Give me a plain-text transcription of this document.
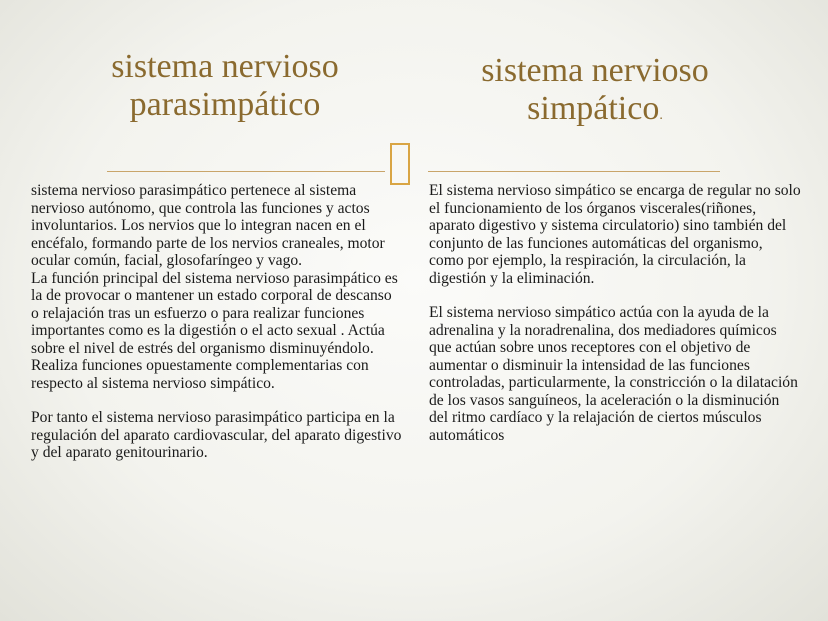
sistema nervioso
parasimpático
sistema nervioso
simpático.

sistema nervioso parasimpático pertenece al sistema nervioso autónomo, que controla las funciones y actos involuntarios. Los nervios que lo integran nacen en el encéfalo, formando parte de los nervios craneales, motor ocular común, facial, glosofaríngeo y vago.

La función principal del sistema nervioso parasimpático es la de provocar o mantener un estado corporal de descanso o relajación tras un esfuerzo o para realizar funciones importantes como es la digestión o el acto sexual . Actúa sobre el nivel de estrés del organismo disminuyéndolo. Realiza funciones opuestamente complementarias con respecto al sistema nervioso simpático.

Por tanto el sistema nervioso parasimpático participa en la regulación del aparato cardiovascular, del aparato digestivo y del aparato genitourinario.

El sistema nervioso simpático se encarga de regular no solo el funcionamiento de los órganos viscerales(riñones, aparato digestivo y sistema circulatorio) sino también del conjunto de las funciones automáticas del organismo, como por ejemplo, la respiración, la circulación, la digestión y la eliminación.

El sistema nervioso simpático actúa con la ayuda de la adrenalina y la noradrenalina, dos mediadores químicos que actúan sobre unos receptores con el objetivo de aumentar o disminuir la intensidad de las funciones controladas, particularmente, la constricción o la dilatación de los vasos sanguíneos, la aceleración o la disminución del ritmo cardíaco y la relajación de ciertos músculos automáticos
